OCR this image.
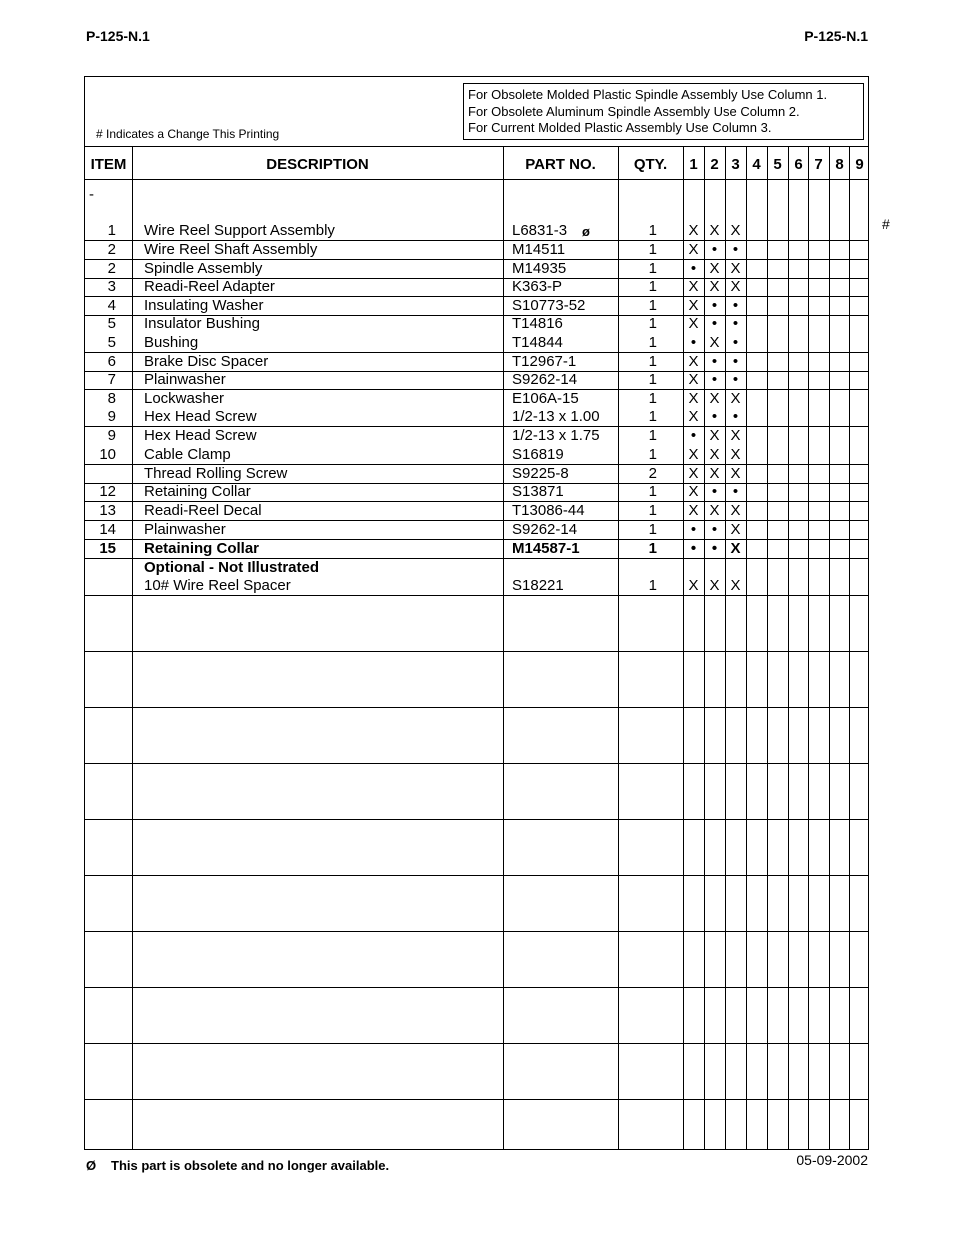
P-125-N.1	P-125-N.1
# Indicates a Change This Printing
For Obsolete Molded Plastic Spindle Assembly Use Column 1.
For Obsolete Aluminum Spindle Assembly Use Column 2.
For Current Molded Plastic Assembly Use Column 3.
ITEM	DESCRIPTION	PART NO.	QTY.	1 2 3 4 5 6 7 8 9
-
1 Wire Reel Support Assembly	L6831-3 ø	1	X X X
2 Wire Reel Shaft Assembly	M14511	1	X •	•
2 Spindle Assembly	M14935	1	• X X
3 Readi-Reel Adapter	K363-P	1	X X X
4 Insulating Washer	S10773-52	1	X •	•
5 Insulator Bushing	T14816	1	X •	•
5 Bushing	T14844	1	• X •
6 Brake Disc Spacer	T12967-1	1	X •	•
7 Plainwasher	S9262-14	1	X •	•
8 Lockwasher	E106A-15	1	X X X
9 Hex Head Screw	1/2-13 x 1.00	1	X •	•
9 Hex Head Screw	1/2-13 x 1.75	1	• X X
10 Cable Clamp	S16819	1	X X X
Thread Rolling Screw	S9225-8	2	X X X
12 Retaining Collar	S13871	1	X •	•
13 Readi-Reel Decal	T13086-44	1	X X X
14 Plainwasher	S9262-14	1	•	• X
15 Retaining Collar	M14587-1	1	•	• X
Optional - Not Illustrated
10# Wire Reel Spacer	S18221	1	X X X
#
Ø This part is obsolete and no longer available.	05-09-2002
